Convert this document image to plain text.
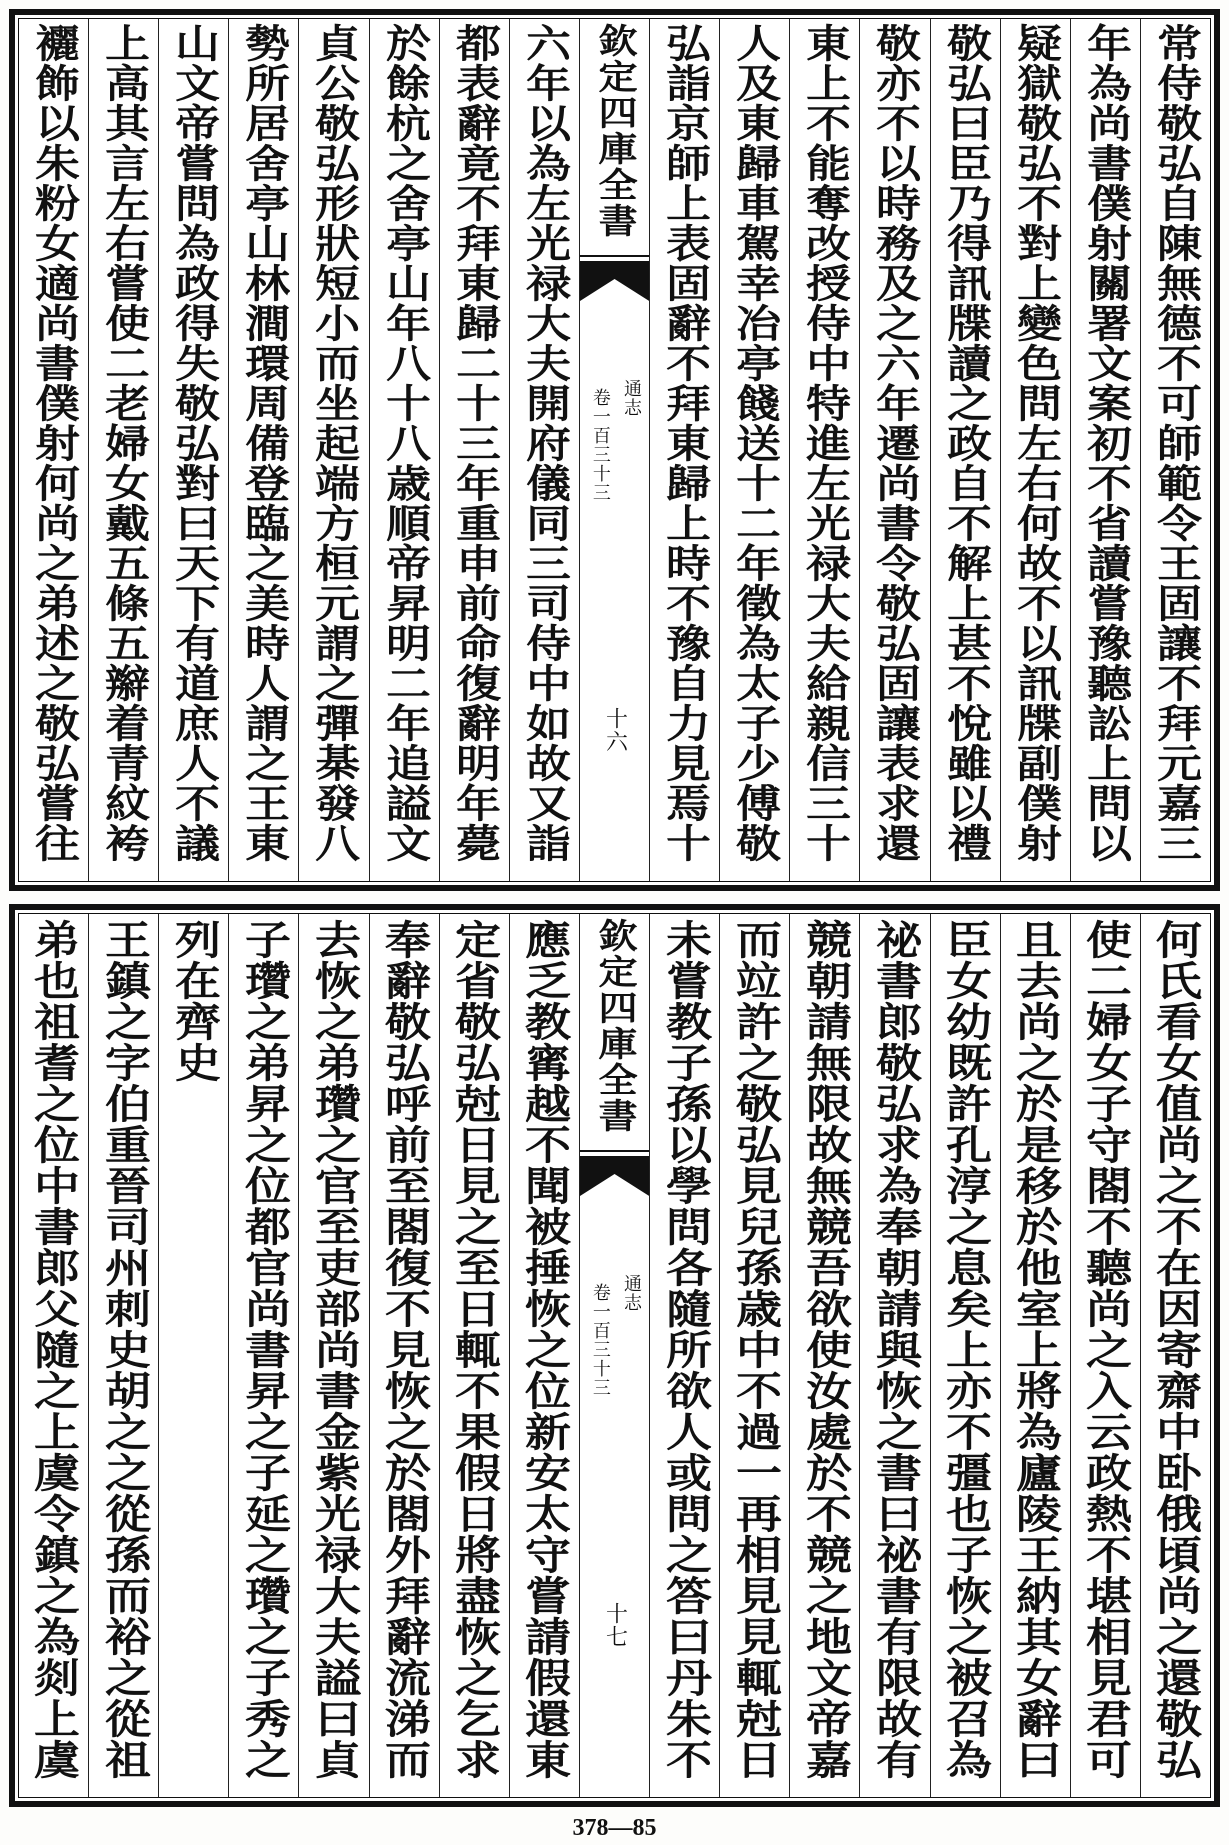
常侍敬弘自陳無德不可師範令王固讓不拜元嘉三
年為尚書僕射關署文案初不省讀嘗豫聽訟上問以
疑獄敬弘不對上變色問左右何故不以訊牒副僕射
敬弘曰臣乃得訊牒讀之政自不解上甚不悅雖以禮
敬亦不以時務及之六年遷尚書令敬弘固讓表求還
東上不能奪改授侍中特進左光禄大夫給親信三十
人及東歸車駕幸冶亭餞送十二年徵為太子少傅敬
弘詣京師上表固辭不拜東歸上時不豫自力見焉十
欽定四庫全書
通志
卷一百三十三
十六
六年以為左光禄大夫開府儀同三司侍中如故又詣
都表辭竟不拜東歸二十三年重申前命復辭明年薨
於餘杭之舍亭山年八十八歳順帝昇明二年追謚文
貞公敬弘形狀短小而坐起端方桓元謂之彈棊發八
勢所居舍亭山林澗環周備登臨之美時人謂之王東
山文帝嘗問為政得失敬弘對曰天下有道庶人不議
上高其言左右嘗使二老婦女戴五條五辮着青紋袴
襹飾以朱粉女適尚書僕射何尚之弟述之敬弘嘗往
何氏看女值尚之不在因寄齋中卧俄頃尚之還敬弘
使二婦女子守閤不聽尚之入云政熱不堪相見君可
且去尚之於是移於他室上將為廬陵王納其女辭曰
臣女幼既許孔淳之息矣上亦不彊也子恢之被召為
祕書郎敬弘求為奉朝請與恢之書曰祕書有限故有
競朝請無限故無競吾欲使汝處於不競之地文帝嘉
而竝許之敬弘見兒孫歳中不過一再相見見輒尅日
未嘗教子孫以學問各隨所欲人或問之答曰丹朱不
欽定四庫全書
通志
卷一百三十三
十七
應乏教寗越不聞被捶恢之位新安太守嘗請假還東
定省敬弘尅日見之至日輒不果假日將盡恢之乞求
奉辭敬弘呼前至閤復不見恢之於閤外拜辭流涕而
去恢之弟瓚之官至吏部尚書金紫光禄大夫謚曰貞
子瓚之弟昇之位都官尚書昇之子延之瓚之子秀之
列在齊史
王鎮之字伯重晉司州刺史胡之之從孫而裕之從祖
弟也祖耆之位中書郎父隨之上虞令鎮之為剡上虞
378—85
